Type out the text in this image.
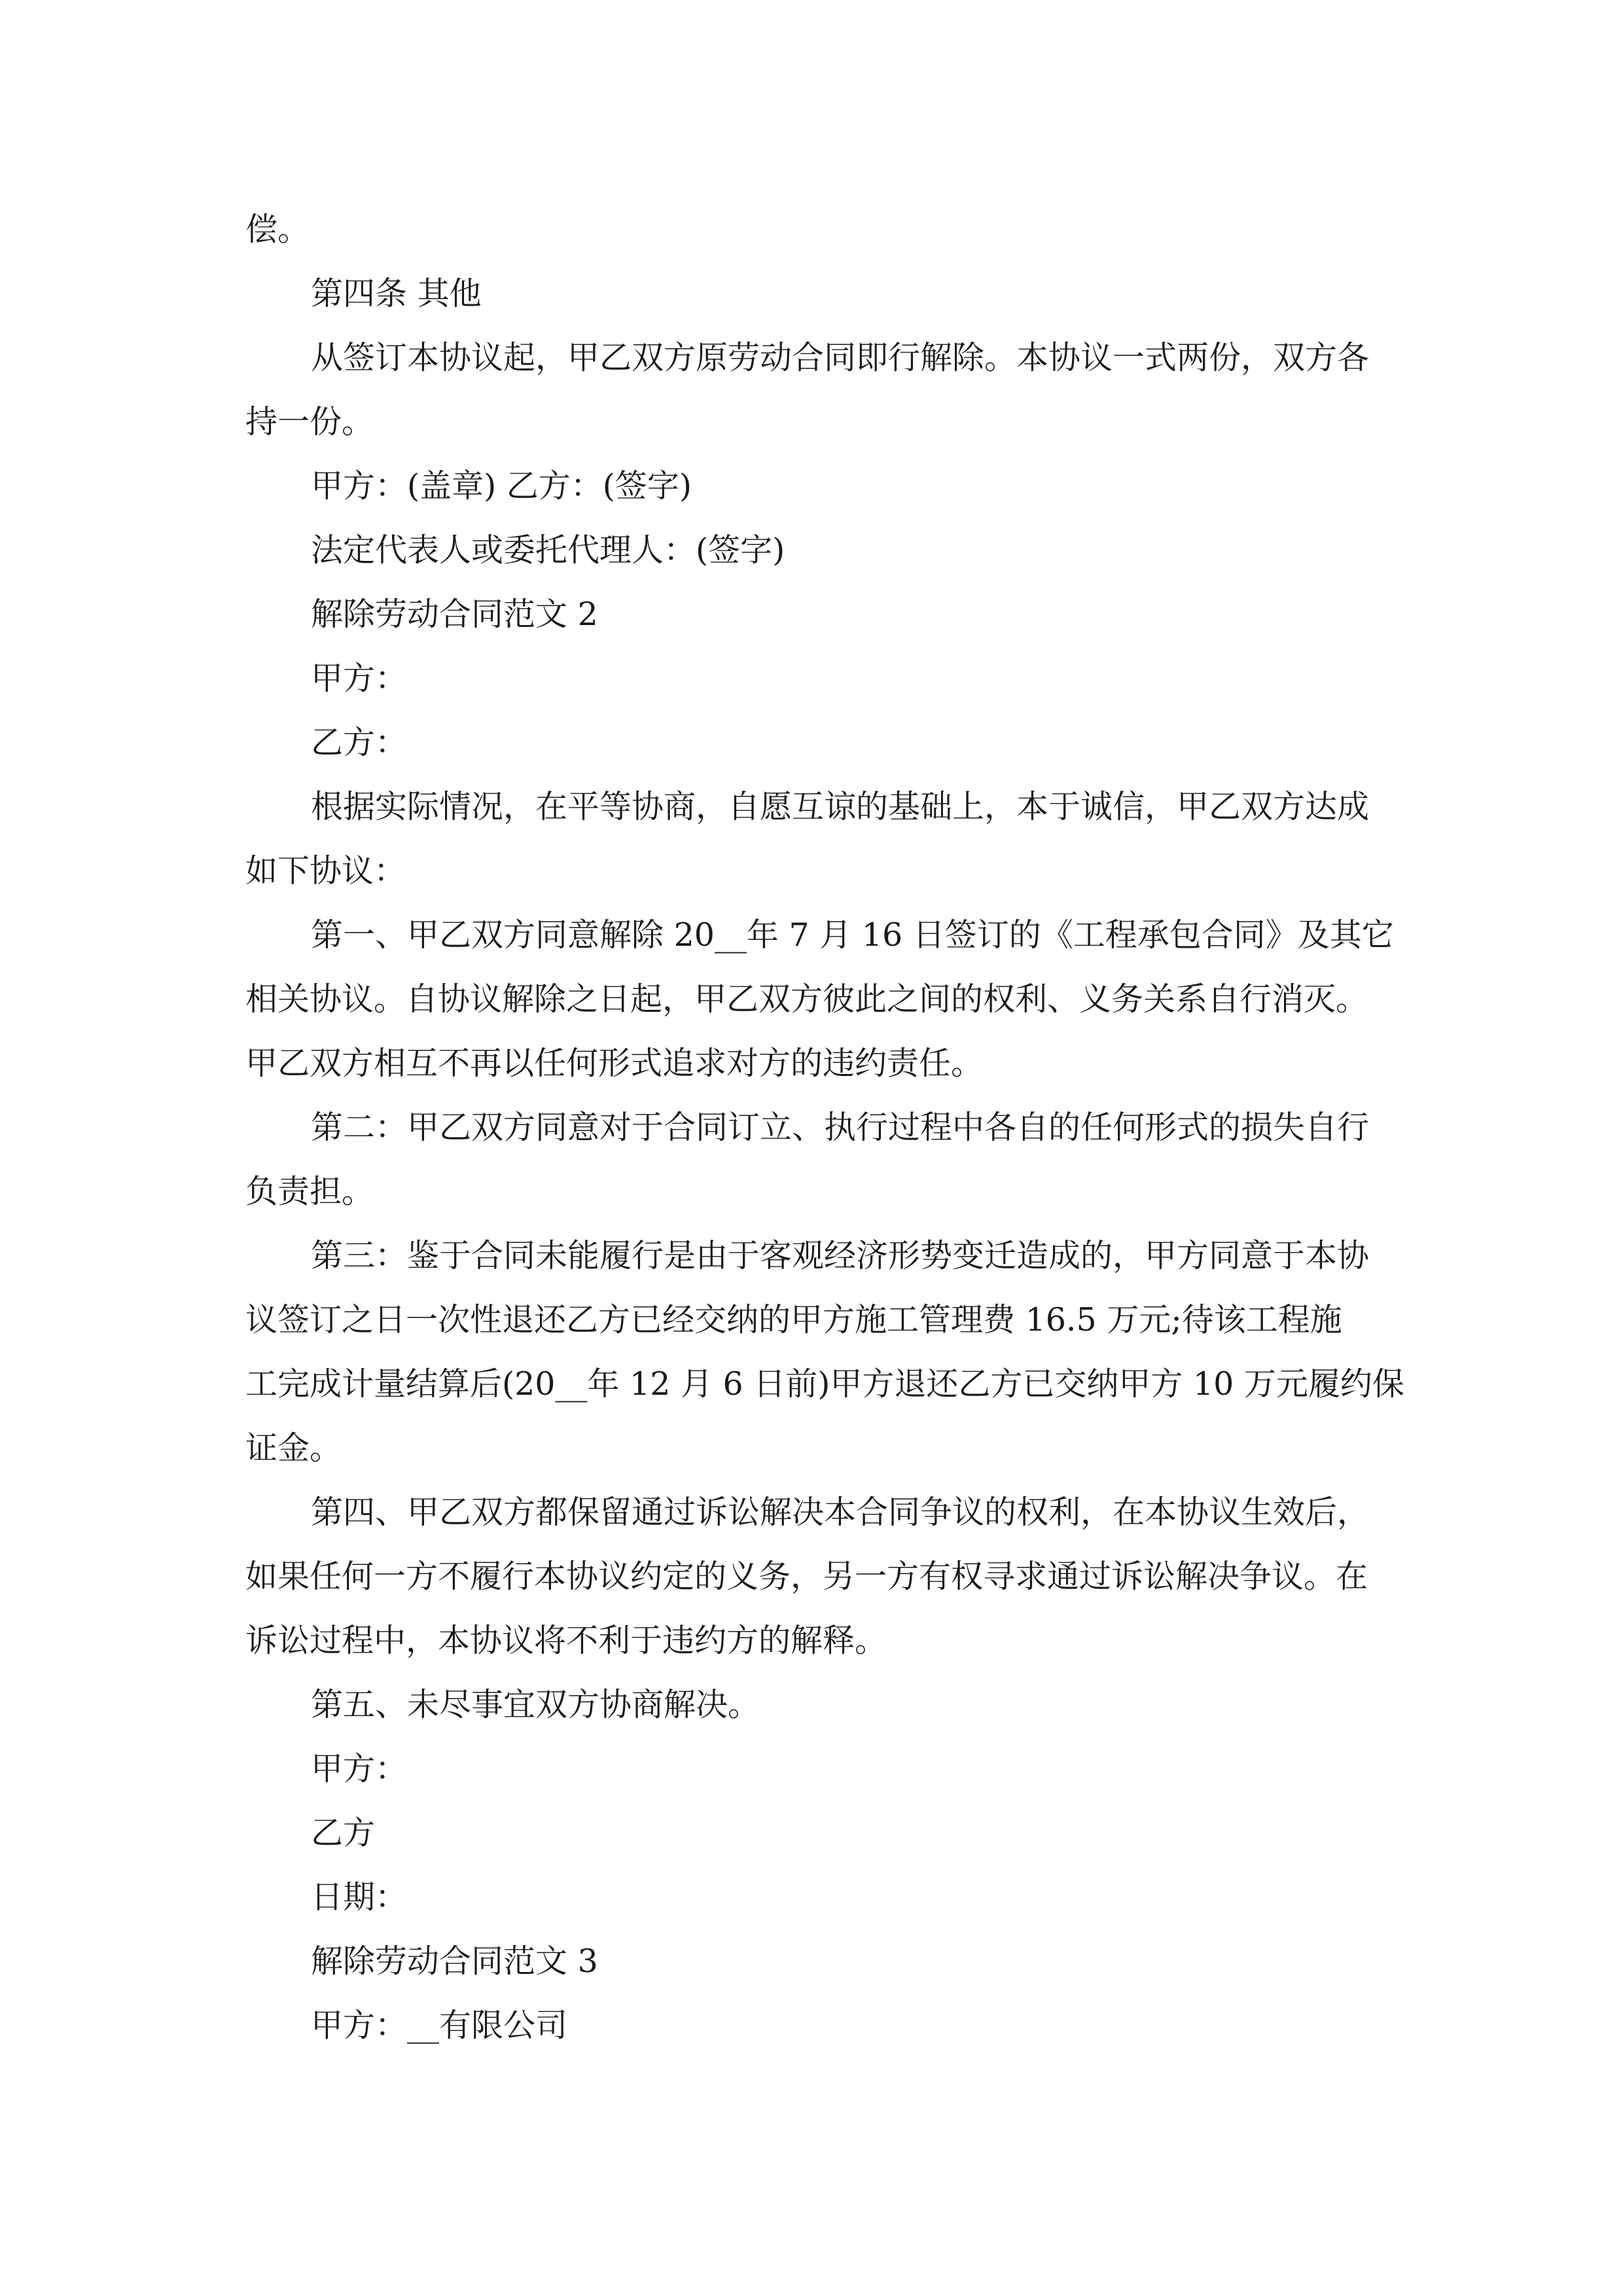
偿。
第四条 其他
从签订本协议起，甲乙双方原劳动合同即行解除。本协议一式两份，双方各
持一份。
甲方：(盖章) 乙方：(签字)
法定代表人或委托代理人：(签字)
解除劳动合同范文 2
甲方：
乙方：
根据实际情况，在平等协商，自愿互谅的基础上，本于诚信，甲乙双方达成
如下协议：
第一、甲乙双方同意解除 20__年 7 月 16 日签订的《工程承包合同》及其它
相关协议。自协议解除之日起，甲乙双方彼此之间的权利、义务关系自行消灭。
甲乙双方相互不再以任何形式追求对方的违约责任。
第二：甲乙双方同意对于合同订立、执行过程中各自的任何形式的损失自行
负责担。
第三：鉴于合同未能履行是由于客观经济形势变迁造成的，甲方同意于本协
议签订之日一次性退还乙方已经交纳的甲方施工管理费 16.5 万元;待该工程施
工完成计量结算后(20__年 12 月 6 日前)甲方退还乙方已交纳甲方 10 万元履约保
证金。
第四、甲乙双方都保留通过诉讼解决本合同争议的权利，在本协议生效后，
如果任何一方不履行本协议约定的义务，另一方有权寻求通过诉讼解决争议。在
诉讼过程中，本协议将不利于违约方的解释。
第五、未尽事宜双方协商解决。
甲方：
乙方
日期：
解除劳动合同范文 3
甲方：__有限公司
